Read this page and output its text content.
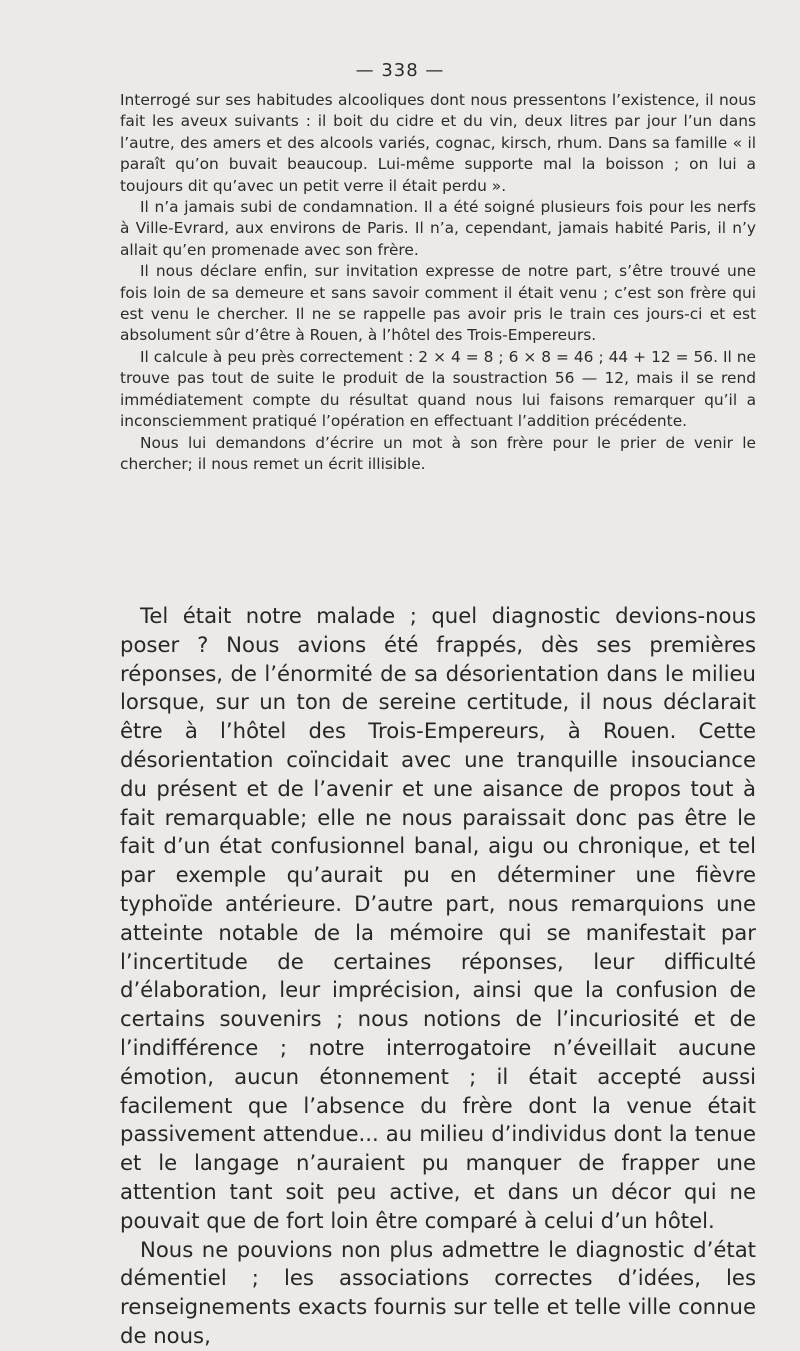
— 338 —

Interrogé sur ses habitudes alcooliques dont nous pressentons l’existence, il nous fait les aveux suivants : il boit du cidre et du vin, deux litres par jour l’un dans l’autre, des amers et des alcools variés, cognac, kirsch, rhum. Dans sa famille « il paraît qu’on buvait beaucoup. Lui-même supporte mal la boisson ; on lui a toujours dit qu’avec un petit verre il était perdu ».

Il n’a jamais subi de condamnation. Il a été soigné plusieurs fois pour les nerfs à Ville-Evrard, aux environs de Paris. Il n’a, cependant, jamais habité Paris, il n’y allait qu’en promenade avec son frère.

Il nous déclare enfin, sur invitation expresse de notre part, s’être trouvé une fois loin de sa demeure et sans savoir comment il était venu ; c’est son frère qui est venu le chercher. Il ne se rappelle pas avoir pris le train ces jours-ci et est absolument sûr d’être à Rouen, à l’hôtel des Trois-Empereurs.

Il calcule à peu près correctement : 2 × 4 = 8 ; 6 × 8 = 46 ; 44 + 12 = 56. Il ne trouve pas tout de suite le produit de la soustraction 56 — 12, mais il se rend immédiatement compte du résultat quand nous lui faisons remarquer qu’il a inconsciemment pratiqué l’opération en effectuant l’addition précédente.

Nous lui demandons d’écrire un mot à son frère pour le prier de venir le chercher; il nous remet un écrit illisible.

Tel était notre malade ; quel diagnostic devions-nous poser ? Nous avions été frappés, dès ses premières réponses, de l’énormité de sa désorientation dans le milieu lorsque, sur un ton de sereine certitude, il nous déclarait être à l’hôtel des Trois-Empereurs, à Rouen. Cette désorientation coïncidait avec une tranquille insouciance du présent et de l’avenir et une aisance de propos tout à fait remarquable; elle ne nous paraissait donc pas être le fait d’un état confusionnel banal, aigu ou chronique, et tel par exemple qu’aurait pu en déterminer une fièvre typhoïde antérieure. D’autre part, nous remarquions une atteinte notable de la mémoire qui se manifestait par l’incertitude de certaines réponses, leur difficulté d’élaboration, leur imprécision, ainsi que la confusion de certains souvenirs ; nous notions de l’incuriosité et de l’indifférence ; notre interrogatoire n’éveillait aucune émotion, aucun étonnement ; il était accepté aussi facilement que l’absence du frère dont la venue était passivement attendue... au milieu d’individus dont la tenue et le langage n’auraient pu manquer de frapper une attention tant soit peu active, et dans un décor qui ne pouvait que de fort loin être comparé à celui d’un hôtel.

Nous ne pouvions non plus admettre le diagnostic d’état démentiel ; les associations correctes d’idées, les renseignements exacts fournis sur telle et telle ville connue de nous,
